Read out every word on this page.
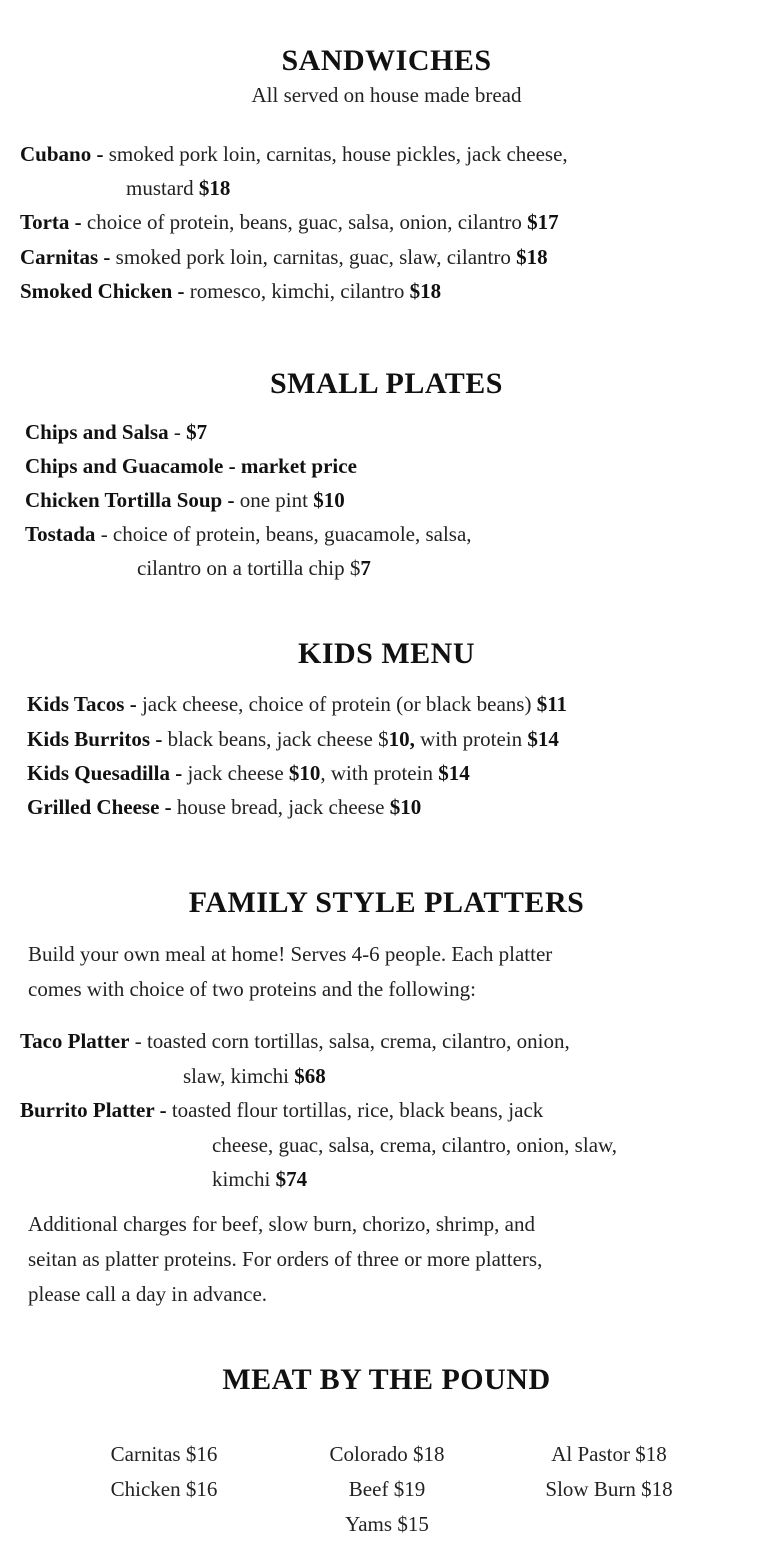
SANDWICHES
All served on house made bread
Cubano - smoked pork loin, carnitas, house pickles, jack cheese,
mustard $18
Torta - choice of protein, beans, guac, salsa, onion, cilantro $17
Carnitas - smoked pork loin, carnitas, guac, slaw, cilantro $18
Smoked Chicken - romesco, kimchi, cilantro $18
SMALL PLATES
Chips and Salsa - $7
Chips and Guacamole - market price
Chicken Tortilla Soup - one pint $10
Tostada - choice of protein, beans, guacamole, salsa,
cilantro on a tortilla chip $7
KIDS MENU
Kids Tacos - jack cheese, choice of protein (or black beans) $11
Kids Burritos - black beans, jack cheese $10, with protein $14
Kids Quesadilla - jack cheese $10, with protein $14
Grilled Cheese - house bread, jack cheese $10
FAMILY STYLE PLATTERS
Build your own meal at home! Serves 4-6 people. Each platter
comes with choice of two proteins and the following:
Taco Platter - toasted corn tortillas, salsa, crema, cilantro, onion,
slaw, kimchi $68
Burrito Platter - toasted flour tortillas, rice, black beans, jack
cheese, guac, salsa, crema, cilantro, onion, slaw,
kimchi $74
Additional charges for beef, slow burn, chorizo, shrimp, and
seitan as platter proteins. For orders of three or more platters,
please call a day in advance.
MEAT BY THE POUND
Carnitas $16
Chicken $16
Colorado $18
Beef $19
Yams $15
Al Pastor $18
Slow Burn $18
